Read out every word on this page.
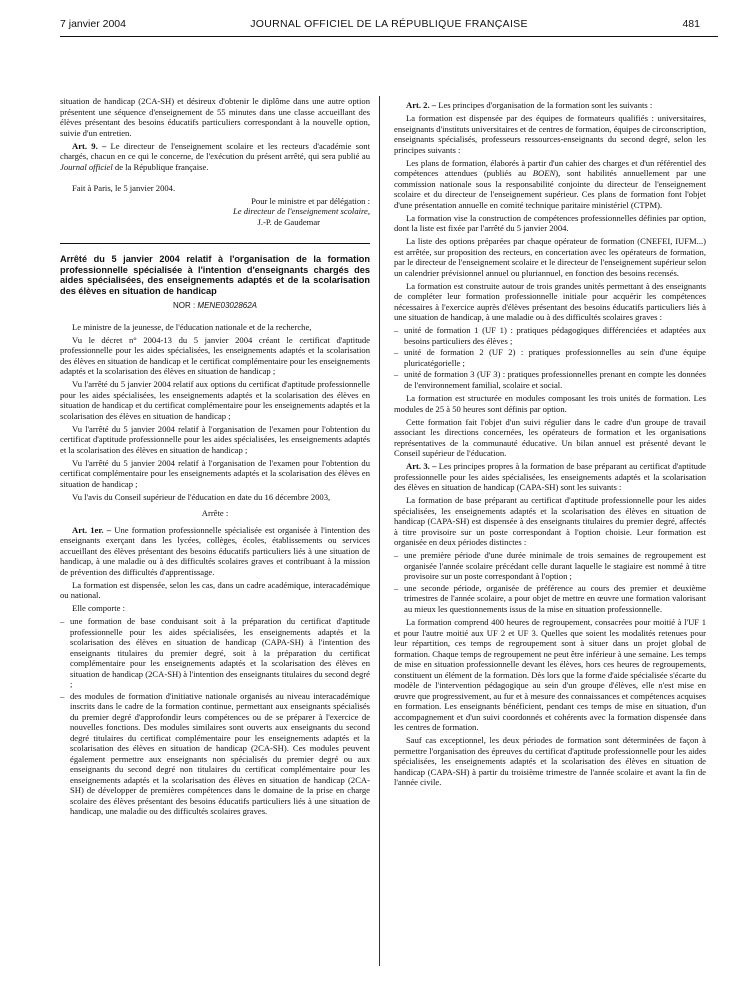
7 janvier 2004	JOURNAL OFFICIEL DE LA RÉPUBLIQUE FRANÇAISE	481

situation de handicap (2CA-SH) et désireux d'obtenir le diplôme dans une autre option présentent une séquence d'enseignement de 55 minutes dans une classe accueillant des élèves présentant des besoins éducatifs particuliers correspondant à la nouvelle option, suivie d'un entretien.

Art. 9. – Le directeur de l'enseignement scolaire et les recteurs d'académie sont chargés, chacun en ce qui le concerne, de l'exécution du présent arrêté, qui sera publié au Journal officiel de la République française.

Fait à Paris, le 5 janvier 2004.

Pour le ministre et par délégation :

Le directeur de l'enseignement scolaire,

J.-P. de Gaudemar

Arrêté du 5 janvier 2004 relatif à l'organisation de la formation professionnelle spécialisée à l'intention d'enseignants chargés des aides spécialisées, des enseignements adaptés et de la scolarisation des élèves en situation de handicap

NOR : MENE0302862A

Le ministre de la jeunesse, de l'éducation nationale et de la recherche,

Vu le décret n° 2004-13 du 5 janvier 2004 créant le certificat d'aptitude professionnelle pour les aides spécialisées, les enseignements adaptés et la scolarisation des élèves en situation de handicap et le certificat complémentaire pour les enseignements adaptés et la scolarisation des élèves en situation de handicap ;

Vu l'arrêté du 5 janvier 2004 relatif aux options du certificat d'aptitude professionnelle pour les aides spécialisées, les enseignements adaptés et la scolarisation des élèves en situation de handicap et du certificat complémentaire pour les enseignements adaptés et la scolarisation des élèves en situation de handicap ;

Vu l'arrêté du 5 janvier 2004 relatif à l'organisation de l'examen pour l'obtention du certificat d'aptitude professionnelle pour les aides spécialisées, les enseignements adaptés et la scolarisation des élèves en situation de handicap ;

Vu l'arrêté du 5 janvier 2004 relatif à l'organisation de l'examen pour l'obtention du certificat complémentaire pour les enseignements adaptés et la scolarisation des élèves en situation de handicap ;

Vu l'avis du Conseil supérieur de l'éducation en date du 16 décembre 2003,

Arrête :

Art. 1er. – Une formation professionnelle spécialisée est organisée à l'intention des enseignants exerçant dans les lycées, collèges, écoles, établissements ou services accueillant des élèves présentant des besoins éducatifs particuliers liés à une situation de handicap, à une maladie ou à des difficultés scolaires graves et contribuant à la mission de prévention des difficultés d'apprentissage.

La formation est dispensée, selon les cas, dans un cadre académique, interacadémique ou national.

Elle comporte :

– une formation de base conduisant soit à la préparation du certificat d'aptitude professionnelle pour les aides spécialisées, les enseignements adaptés et la scolarisation des élèves en situation de handicap (CAPA-SH) à l'intention des enseignants titulaires du premier degré, soit à la préparation du certificat complémentaire pour les enseignements adaptés et la scolarisation des élèves en situation de handicap (2CA-SH) à l'intention des enseignants titulaires du second degré ;
– des modules de formation d'initiative nationale organisés au niveau interacadémique inscrits dans le cadre de la formation continue, permettant aux enseignants spécialisés du premier degré d'approfondir leurs compétences ou de se préparer à l'exercice de nouvelles fonctions. Des modules similaires sont ouverts aux enseignants du second degré titulaires du certificat complémentaire pour les enseignements adaptés et la scolarisation des élèves en situation de handicap (2CA-SH). Ces modules peuvent également permettre aux enseignants non spécialisés du premier degré ou aux enseignants du second degré non titulaires du certificat complémentaire pour les enseignements adaptés et la scolarisation des élèves en situation de handicap (2CA-SH) de développer de premières compétences dans le domaine de la prise en charge scolaire des élèves présentant des besoins éducatifs particuliers liés à une situation de handicap, une maladie ou des difficultés scolaires graves.

Art. 2. – Les principes d'organisation de la formation sont les suivants :

La formation est dispensée par des équipes de formateurs qualifiés : universitaires, enseignants d'instituts universitaires et de centres de formation, équipes de circonscription, enseignants spécialisés, professeurs ressources-enseignants du second degré, selon les principes suivants :

Les plans de formation, élaborés à partir d'un cahier des charges et d'un référentiel des compétences attendues (publiés au BOEN), sont habilités annuellement par une commission nationale sous la responsabilité conjointe du directeur de l'enseignement scolaire et du directeur de l'enseignement supérieur. Ces plans de formation font l'objet d'une présentation annuelle en comité technique paritaire ministériel (CTPM).

La formation vise la construction de compétences professionnelles définies par option, dont la liste est fixée par l'arrêté du 5 janvier 2004.

La liste des options préparées par chaque opérateur de formation (CNEFEI, IUFM...) est arrêtée, sur proposition des recteurs, en concertation avec les opérateurs de formation, par le directeur de l'enseignement scolaire et le directeur de l'enseignement supérieur selon un calendrier prévisionnel annuel ou pluriannuel, en fonction des besoins recensés.

La formation est construite autour de trois grandes unités permettant à des enseignants de compléter leur formation professionnelle initiale pour acquérir les compétences nécessaires à l'exercice auprès d'élèves présentant des besoins éducatifs particuliers liés à une situation de handicap, à une maladie ou à des difficultés scolaires graves :

– unité de formation 1 (UF 1) : pratiques pédagogiques différenciées et adaptées aux besoins particuliers des élèves ;
– unité de formation 2 (UF 2) : pratiques professionnelles au sein d'une équipe pluricatégorielle ;
– unité de formation 3 (UF 3) : pratiques professionnelles prenant en compte les données de l'environnement familial, scolaire et social.

La formation est structurée en modules composant les trois unités de formation. Les modules de 25 à 50 heures sont définis par option.

Cette formation fait l'objet d'un suivi régulier dans le cadre d'un groupe de travail associant les directions concernées, les opérateurs de formation et les organisations représentatives de la communauté éducative. Un bilan annuel est présenté devant le Conseil supérieur de l'éducation.

Art. 3. – Les principes propres à la formation de base préparant au certificat d'aptitude professionnelle pour les aides spécialisées, les enseignements adaptés et la scolarisation des élèves en situation de handicap (CAPA-SH) sont les suivants :

La formation de base préparant au certificat d'aptitude professionnelle pour les aides spécialisées, les enseignements adaptés et la scolarisation des élèves en situation de handicap (CAPA-SH) est dispensée à des enseignants titulaires du premier degré, affectés à titre provisoire sur un poste correspondant à l'option choisie. Leur formation est organisée en deux périodes distinctes :

– une première période d'une durée minimale de trois semaines de regroupement est organisée l'année scolaire précédant celle durant laquelle le stagiaire est nommé à titre provisoire sur un poste correspondant à l'option ;
– une seconde période, organisée de préférence au cours des premier et deuxième trimestres de l'année scolaire, a pour objet de mettre en œuvre une formation valorisant au mieux les questionnements issus de la mise en situation professionnelle.

La formation comprend 400 heures de regroupement, consacrées pour moitié à l'UF 1 et pour l'autre moitié aux UF 2 et UF 3. Quelles que soient les modalités retenues pour leur répartition, ces temps de regroupement sont à situer dans un projet global de formation. Chaque temps de regroupement ne peut être inférieur à une semaine. Les temps de mise en situation professionnelle devant les élèves, hors ces heures de regroupements, constituent un élément de la formation. Dès lors que la forme d'aide spécialisée s'écarte du modèle de l'intervention pédagogique au sein d'un groupe d'élèves, elle n'est mise en œuvre que progressivement, au fur et à mesure des connaissances et compétences acquises en formation. Les enseignants bénéficient, pendant ces temps de mise en situation, d'un accompagnement et d'un suivi coordonnés et cohérents avec la formation dispensée dans les centres de formation.

Sauf cas exceptionnel, les deux périodes de formation sont déterminées de façon à permettre l'organisation des épreuves du certificat d'aptitude professionnelle pour les aides spécialisées, les enseignements adaptés et la scolarisation des élèves en situation de handicap (CAPA-SH) à partir du troisième trimestre de l'année scolaire et avant la fin de l'année civile.
